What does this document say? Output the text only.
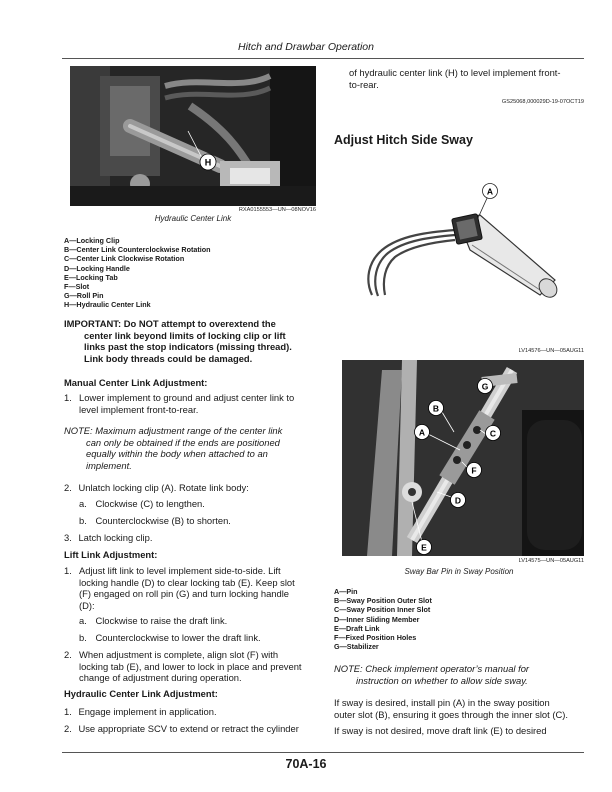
Hitch and Drawbar Operation
H
RXA0155553—UN—08NOV16
Hydraulic Center Link
A—Locking Clip
B—Center Link Counterclockwise Rotation
C—Center Link Clockwise Rotation
D—Locking Handle
E—Locking Tab
F—Slot
G—Roll Pin
H—Hydraulic Center Link
IMPORTANT: Do NOT attempt to overextend the
center link beyond limits of locking clip or lift
links past the stop indicators (missing thread).
Link body threads could be damaged.
Manual Center Link Adjustment:
1. Lower implement to ground and adjust center link to
level implement front-to-rear.
NOTE: Maximum adjustment range of the center link
can only be obtained if the ends are positioned
equally within the body when attached to an
implement.
2. Unlatch locking clip (A). Rotate link body:
a. Clockwise (C) to lengthen.
b. Counterclockwise (B) to shorten.
3. Latch locking clip.
Lift Link Adjustment:
1. Adjust lift link to level implement side-to-side. Lift
locking handle (D) to clear locking tab (E). Keep slot
(F) engaged on roll pin (G) and turn locking handle
(D):
a. Clockwise to raise the draft link.
b. Counterclockwise to lower the draft link.
2. When adjustment is complete, align slot (F) with
locking tab (E), and lower to lock in place and prevent
change of adjustment during operation.
Hydraulic Center Link Adjustment:
1. Engage implement in application.
2. Use appropriate SCV to extend or retract the cylinder
of hydraulic center link (H) to level implement front-
to-rear.
GS25068,000029D-19-07OCT19
Adjust Hitch Side Sway
A
LV14576—UN—05AUG11
G
B
A	C
F
D
E
LV14575—UN—05AUG11
Sway Bar Pin in Sway Position
A—Pin
B—Sway Position Outer Slot
C—Sway Position Inner Slot
D—Inner Sliding Member
E—Draft Link
F—Fixed Position Holes
G—Stabilizer
NOTE: Check implement operator’s manual for
instruction on whether to allow side sway.
If sway is desired, install pin (A) in the sway position
outer slot (B), ensuring it goes through the inner slot (C).
If sway is not desired, move draft link (E) to desired
70A-16
